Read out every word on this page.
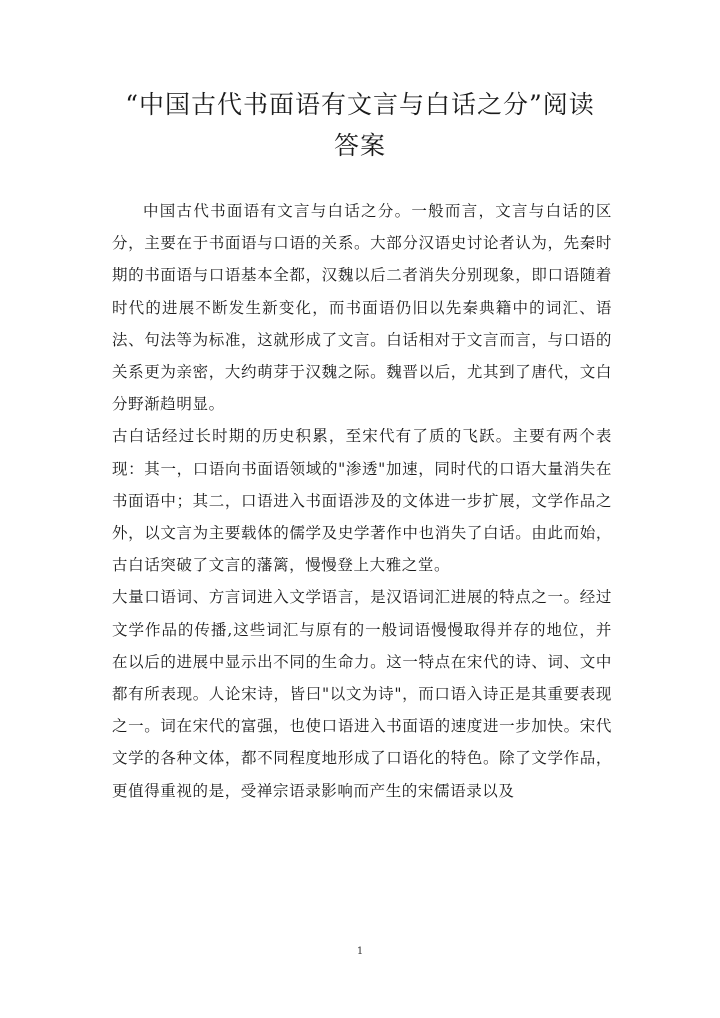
“中国古代书面语有文言与白话之分”阅读
答案

中国古代书面语有文言与白话之分。一般而言，文言与白话的区分，主要在于书面语与口语的关系。大部分汉语史讨论者认为，先秦时期的书面语与口语基本全都，汉魏以后二者消失分别现象，即口语随着时代的进展不断发生新变化，而书面语仍旧以先秦典籍中的词汇、语法、句法等为标准，这就形成了文言。白话相对于文言而言，与口语的关系更为亲密，大约萌芽于汉魏之际。魏晋以后，尤其到了唐代，文白分野渐趋明显。

古白话经过长时期的历史积累，至宋代有了质的飞跃。主要有两个表现：其一，口语向书面语领域的"渗透"加速，同时代的口语大量消失在书面语中；其二，口语进入书面语涉及的文体进一步扩展，文学作品之外，以文言为主要载体的儒学及史学著作中也消失了白话。由此而始，古白话突破了文言的藩篱，慢慢登上大雅之堂。

大量口语词、方言词进入文学语言，是汉语词汇进展的特点之一。经过文学作品的传播,这些词汇与原有的一般词语慢慢取得并存的地位，并在以后的进展中显示出不同的生命力。这一特点在宋代的诗、词、文中都有所表现。人论宋诗，皆曰"以文为诗"，而口语入诗正是其重要表现之一。词在宋代的富强，也使口语进入书面语的速度进一步加快。宋代文学的各种文体，都不同程度地形成了口语化的特色。除了文学作品，更值得重视的是，受禅宗语录影响而产生的宋儒语录以及

1
